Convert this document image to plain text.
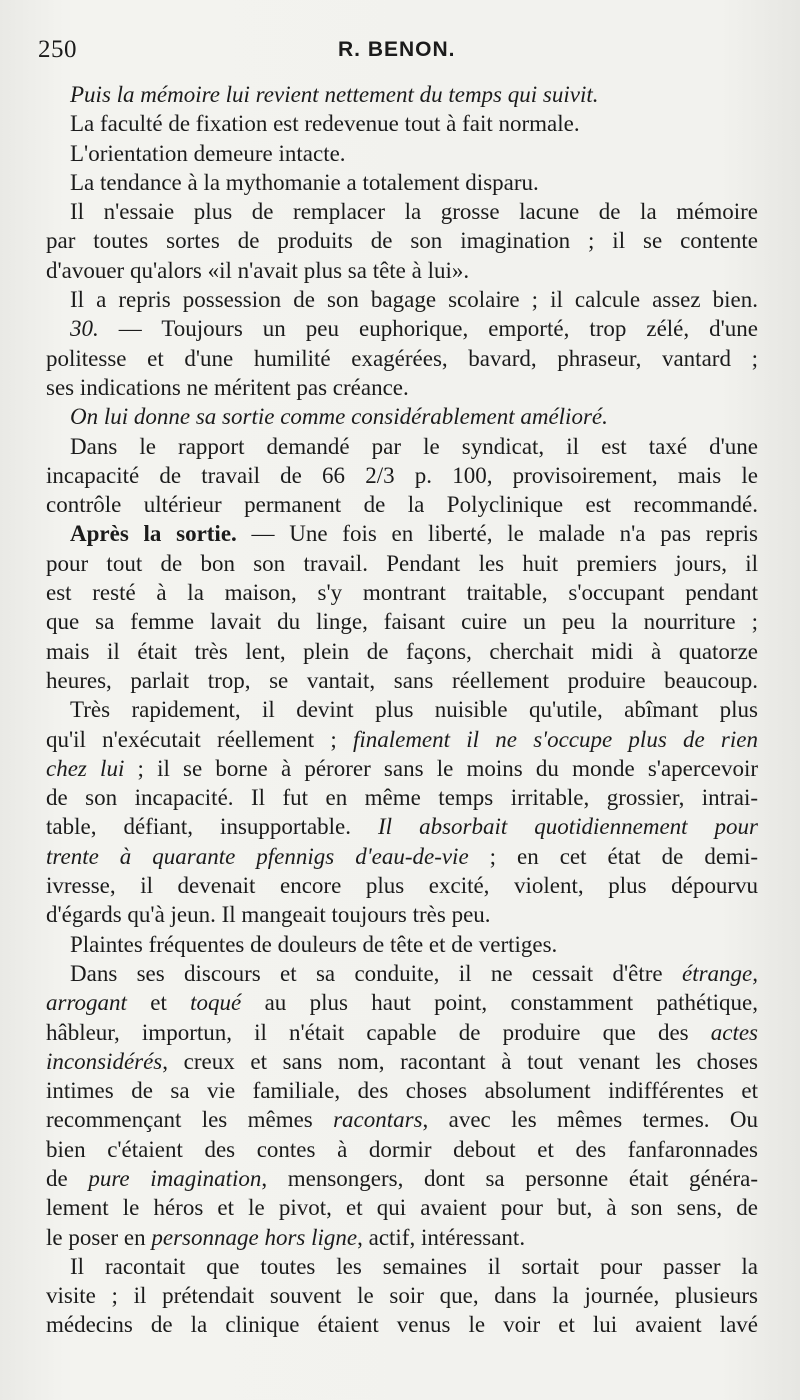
250	R. BENON.
Puis la mémoire lui revient nettement du temps qui suivit.
La faculté de fixation est redevenue tout à fait normale.
L'orientation demeure intacte.
La tendance à la mythomanie a totalement disparu.
Il n'essaie plus de remplacer la grosse lacune de la mémoire
par toutes sortes de produits de son imagination ; il se contente
d'avouer qu'alors «il n'avait plus sa tête à lui».
Il a repris possession de son bagage scolaire ; il calcule assez bien.
30. — Toujours un peu euphorique, emporté, trop zélé, d'une
politesse et d'une humilité exagérées, bavard, phraseur, vantard ;
ses indications ne méritent pas créance.
On lui donne sa sortie comme considérablement amélioré.
Dans le rapport demandé par le syndicat, il est taxé d'une
incapacité de travail de 66 2/3 p. 100, provisoirement, mais le
contrôle ultérieur permanent de la Polyclinique est recommandé.
Après la sortie. — Une fois en liberté, le malade n'a pas repris
pour tout de bon son travail. Pendant les huit premiers jours, il
est resté à la maison, s'y montrant traitable, s'occupant pendant
que sa femme lavait du linge, faisant cuire un peu la nourriture ;
mais il était très lent, plein de façons, cherchait midi à quatorze
heures, parlait trop, se vantait, sans réellement produire beaucoup.
Très rapidement, il devint plus nuisible qu'utile, abîmant plus
qu'il n'exécutait réellement ; finalement il ne s'occupe plus de rien
chez lui ; il se borne à pérorer sans le moins du monde s'apercevoir
de son incapacité. Il fut en même temps irritable, grossier, intrai-
table, défiant, insupportable. Il absorbait quotidiennement pour
trente à quarante pfennigs d'eau-de-vie ; en cet état de demi-
ivresse, il devenait encore plus excité, violent, plus dépourvu
d'égards qu'à jeun. Il mangeait toujours très peu.
Plaintes fréquentes de douleurs de tête et de vertiges.
Dans ses discours et sa conduite, il ne cessait d'être étrange,
arrogant et toqué au plus haut point, constamment pathétique,
hâbleur, importun, il n'était capable de produire que des actes
inconsidérés, creux et sans nom, racontant à tout venant les choses
intimes de sa vie familiale, des choses absolument indifférentes et
recommençant les mêmes racontars, avec les mêmes termes. Ou
bien c'étaient des contes à dormir debout et des fanfaronnades
de pure imagination, mensongers, dont sa personne était généra-
lement le héros et le pivot, et qui avaient pour but, à son sens, de
le poser en personnage hors ligne, actif, intéressant.
Il racontait que toutes les semaines il sortait pour passer la
visite ; il prétendait souvent le soir que, dans la journée, plusieurs
médecins de la clinique étaient venus le voir et lui avaient lavé
